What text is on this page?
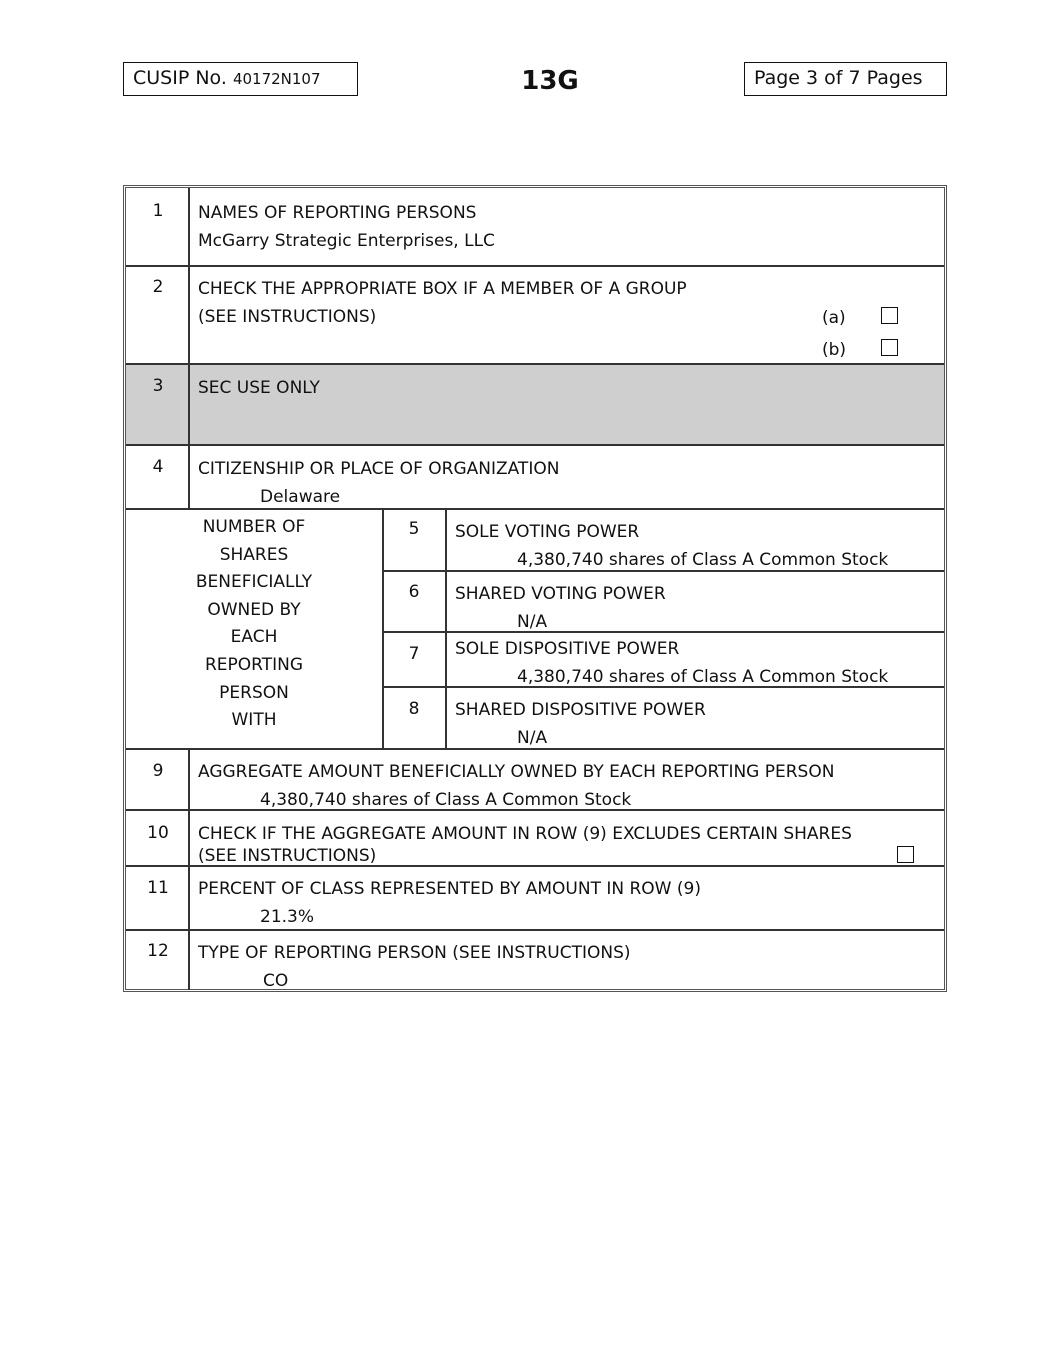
CUSIP No. 40172N107	13G	Page 3 of 7 Pages
1	NAMES OF REPORTING PERSONS
McGarry Strategic Enterprises, LLC
2	CHECK THE APPROPRIATE BOX IF A MEMBER OF A GROUP
(SEE INSTRUCTIONS)	(a)
(b)
3	SEC USE ONLY
4	CITIZENSHIP OR PLACE OF ORGANIZATION
Delaware
NUMBER OF
SHARES
BENEFICIALLY
OWNED BY
EACH
REPORTING
PERSON
WITH
5	SOLE VOTING POWER
4,380,740 shares of Class A Common Stock
6	SHARED VOTING POWER
N/A
7	SOLE DISPOSITIVE POWER
4,380,740 shares of Class A Common Stock
8	SHARED DISPOSITIVE POWER
N/A
9	AGGREGATE AMOUNT BENEFICIALLY OWNED BY EACH REPORTING PERSON
4,380,740 shares of Class A Common Stock
10	CHECK IF THE AGGREGATE AMOUNT IN ROW (9) EXCLUDES CERTAIN SHARES
(SEE INSTRUCTIONS)
11	PERCENT OF CLASS REPRESENTED BY AMOUNT IN ROW (9)
21.3%
12	TYPE OF REPORTING PERSON (SEE INSTRUCTIONS)
CO
